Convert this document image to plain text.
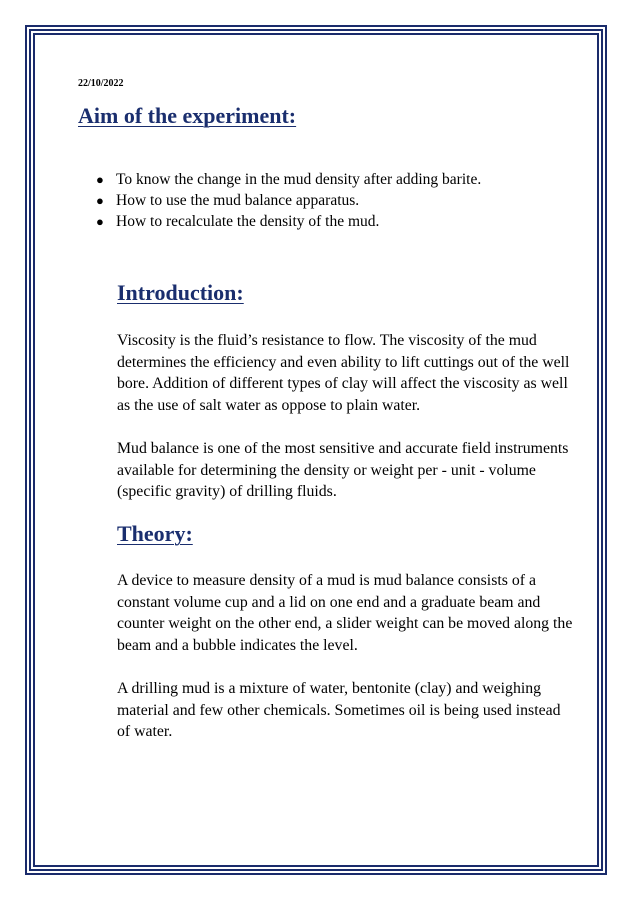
22/10/2022

Aim of the experiment:
● To know the change in the mud density after adding barite.
● How to use the mud balance apparatus.
● How to recalculate the density of the mud.
Introduction:

Viscosity is the fluid’s resistance to flow. The viscosity of the mud determines the efficiency and even ability to lift cuttings out of the well bore. Addition of different types of clay will affect the viscosity as well as the use of salt water as oppose to plain water.

Mud balance is one of the most sensitive and accurate field instruments available for determining the density or weight per - unit - volume (specific gravity) of drilling fluids.

Theory:

A device to measure density of a mud is mud balance consists of a constant volume cup and a lid on one end and a graduate beam and counter weight on the other end, a slider weight can be moved along the beam and a bubble indicates the level.

A drilling mud is a mixture of water, bentonite (clay) and weighing material and few other chemicals. Sometimes oil is being used instead of water.
